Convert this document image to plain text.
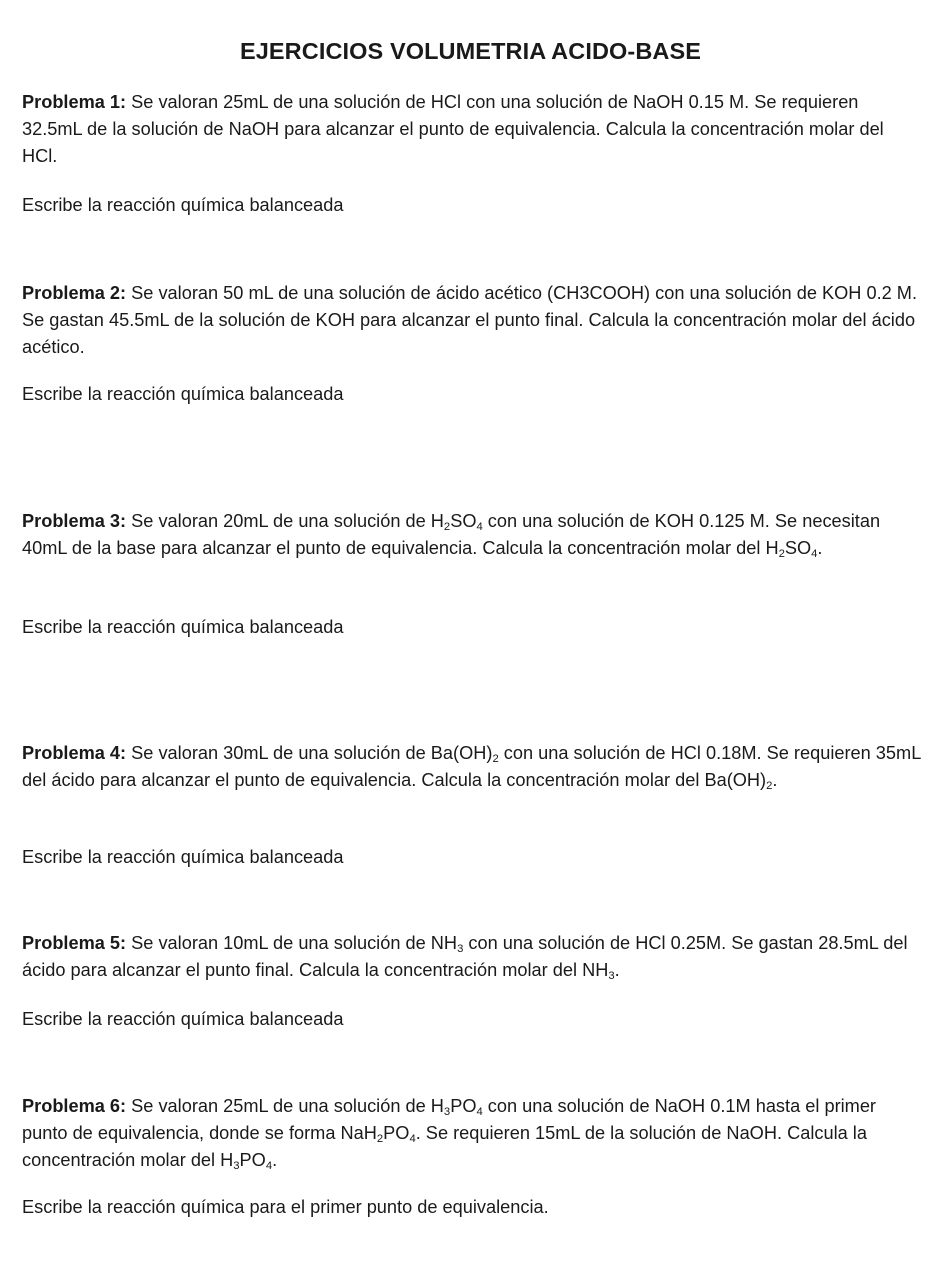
EJERCICIOS VOLUMETRIA ACIDO-BASE

Problema 1: Se valoran 25mL de una solución de HCl con una solución de NaOH 0.15 M. Se requieren 32.5mL de la solución de NaOH para alcanzar el punto de equivalencia. Calcula la concentración molar del HCl.

Escribe la reacción química balanceada

Problema 2: Se valoran 50 mL de una solución de ácido acético (CH3COOH) con una solución de KOH 0.2 M. Se gastan 45.5mL de la solución de KOH para alcanzar el punto final. Calcula la concentración molar del ácido acético.

Escribe la reacción química balanceada

Problema 3: Se valoran 20mL de una solución de $H_2SO_4$ con una solución de KOH 0.125 M. Se necesitan 40mL de la base para alcanzar el punto de equivalencia. Calcula la concentración molar del $H_2SO_4$.

Escribe la reacción química balanceada

Problema 4: Se valoran 30mL de una solución de $Ba(OH)_2$ con una solución de HCl 0.18M. Se requieren 35mL del ácido para alcanzar el punto de equivalencia. Calcula la concentración molar del $Ba(OH)_2$.

Escribe la reacción química balanceada

Problema 5: Se valoran 10mL de una solución de $NH_3$ con una solución de HCl 0.25M. Se gastan 28.5mL del ácido para alcanzar el punto final. Calcula la concentración molar del $NH_3$.

Escribe la reacción química balanceada

Problema 6: Se valoran 25mL de una solución de $H_3PO_4$ con una solución de NaOH 0.1M hasta el primer punto de equivalencia, donde se forma $NaH_2PO_4$. Se requieren 15mL de la solución de NaOH. Calcula la concentración molar del $H_3PO_4$.

Escribe la reacción química para el primer punto de equivalencia.
